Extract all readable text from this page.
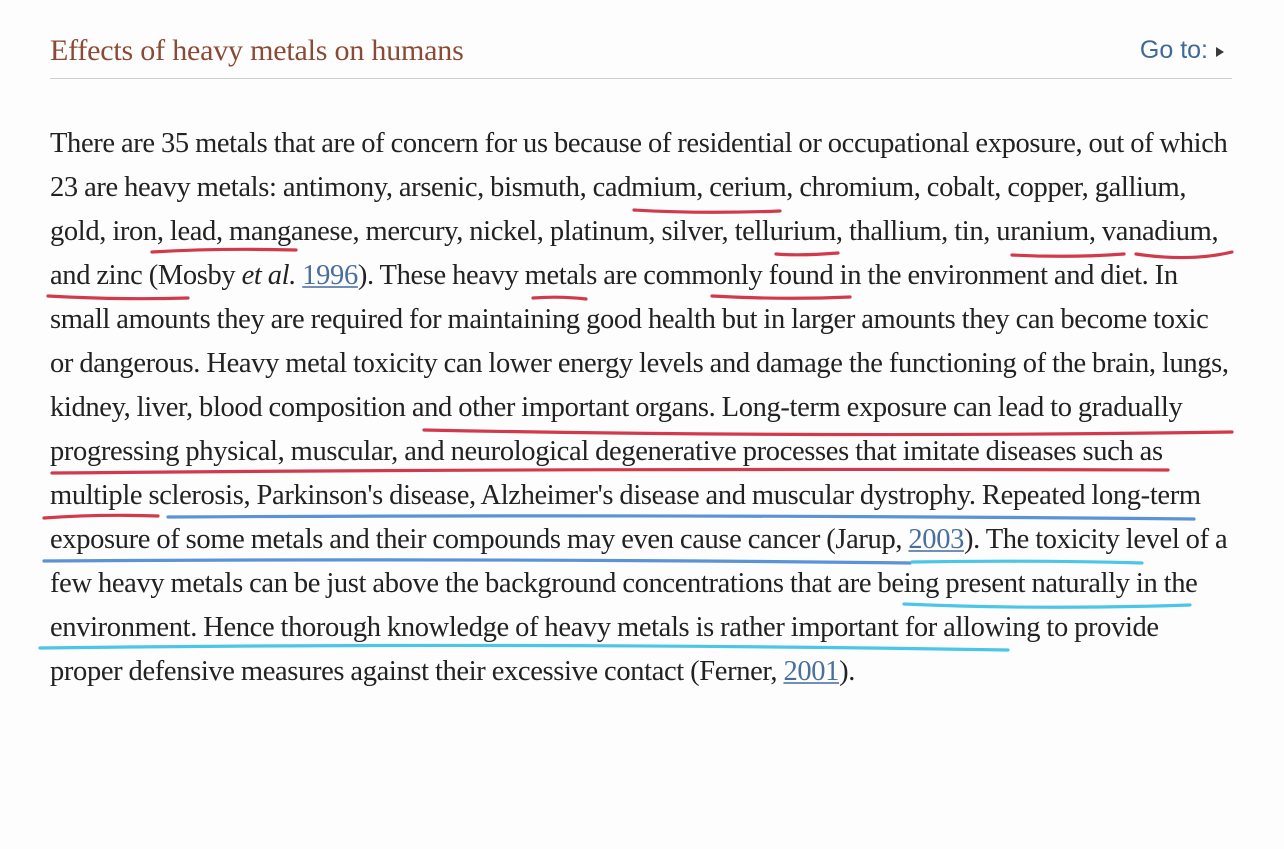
Effects of heavy metals on humans	Go to:

There are 35 metals that are of concern for us because of residential or occupational exposure, out of which 23 are heavy metals: antimony, arsenic, bismuth, cadmium, cerium, chromium, cobalt, copper, gallium, gold, iron, lead, manganese, mercury, nickel, platinum, silver, tellurium, thallium, tin, uranium, vanadium, and zinc (Mosby et al. 1996). These heavy metals are commonly found in the environment and diet. In small amounts they are required for maintaining good health but in larger amounts they can become toxic or dangerous. Heavy metal toxicity can lower energy levels and damage the functioning of the brain, lungs, kidney, liver, blood composition and other important organs. Long-term exposure can lead to gradually progressing physical, muscular, and neurological degenerative processes that imitate diseases such as multiple sclerosis, Parkinson's disease, Alzheimer's disease and muscular dystrophy. Repeated long-term exposure of some metals and their compounds may even cause cancer (Jarup, 2003). The toxicity level of a few heavy metals can be just above the background concentrations that are being present naturally in the environment. Hence thorough knowledge of heavy metals is rather important for allowing to provide proper defensive measures against their excessive contact (Ferner, 2001).
